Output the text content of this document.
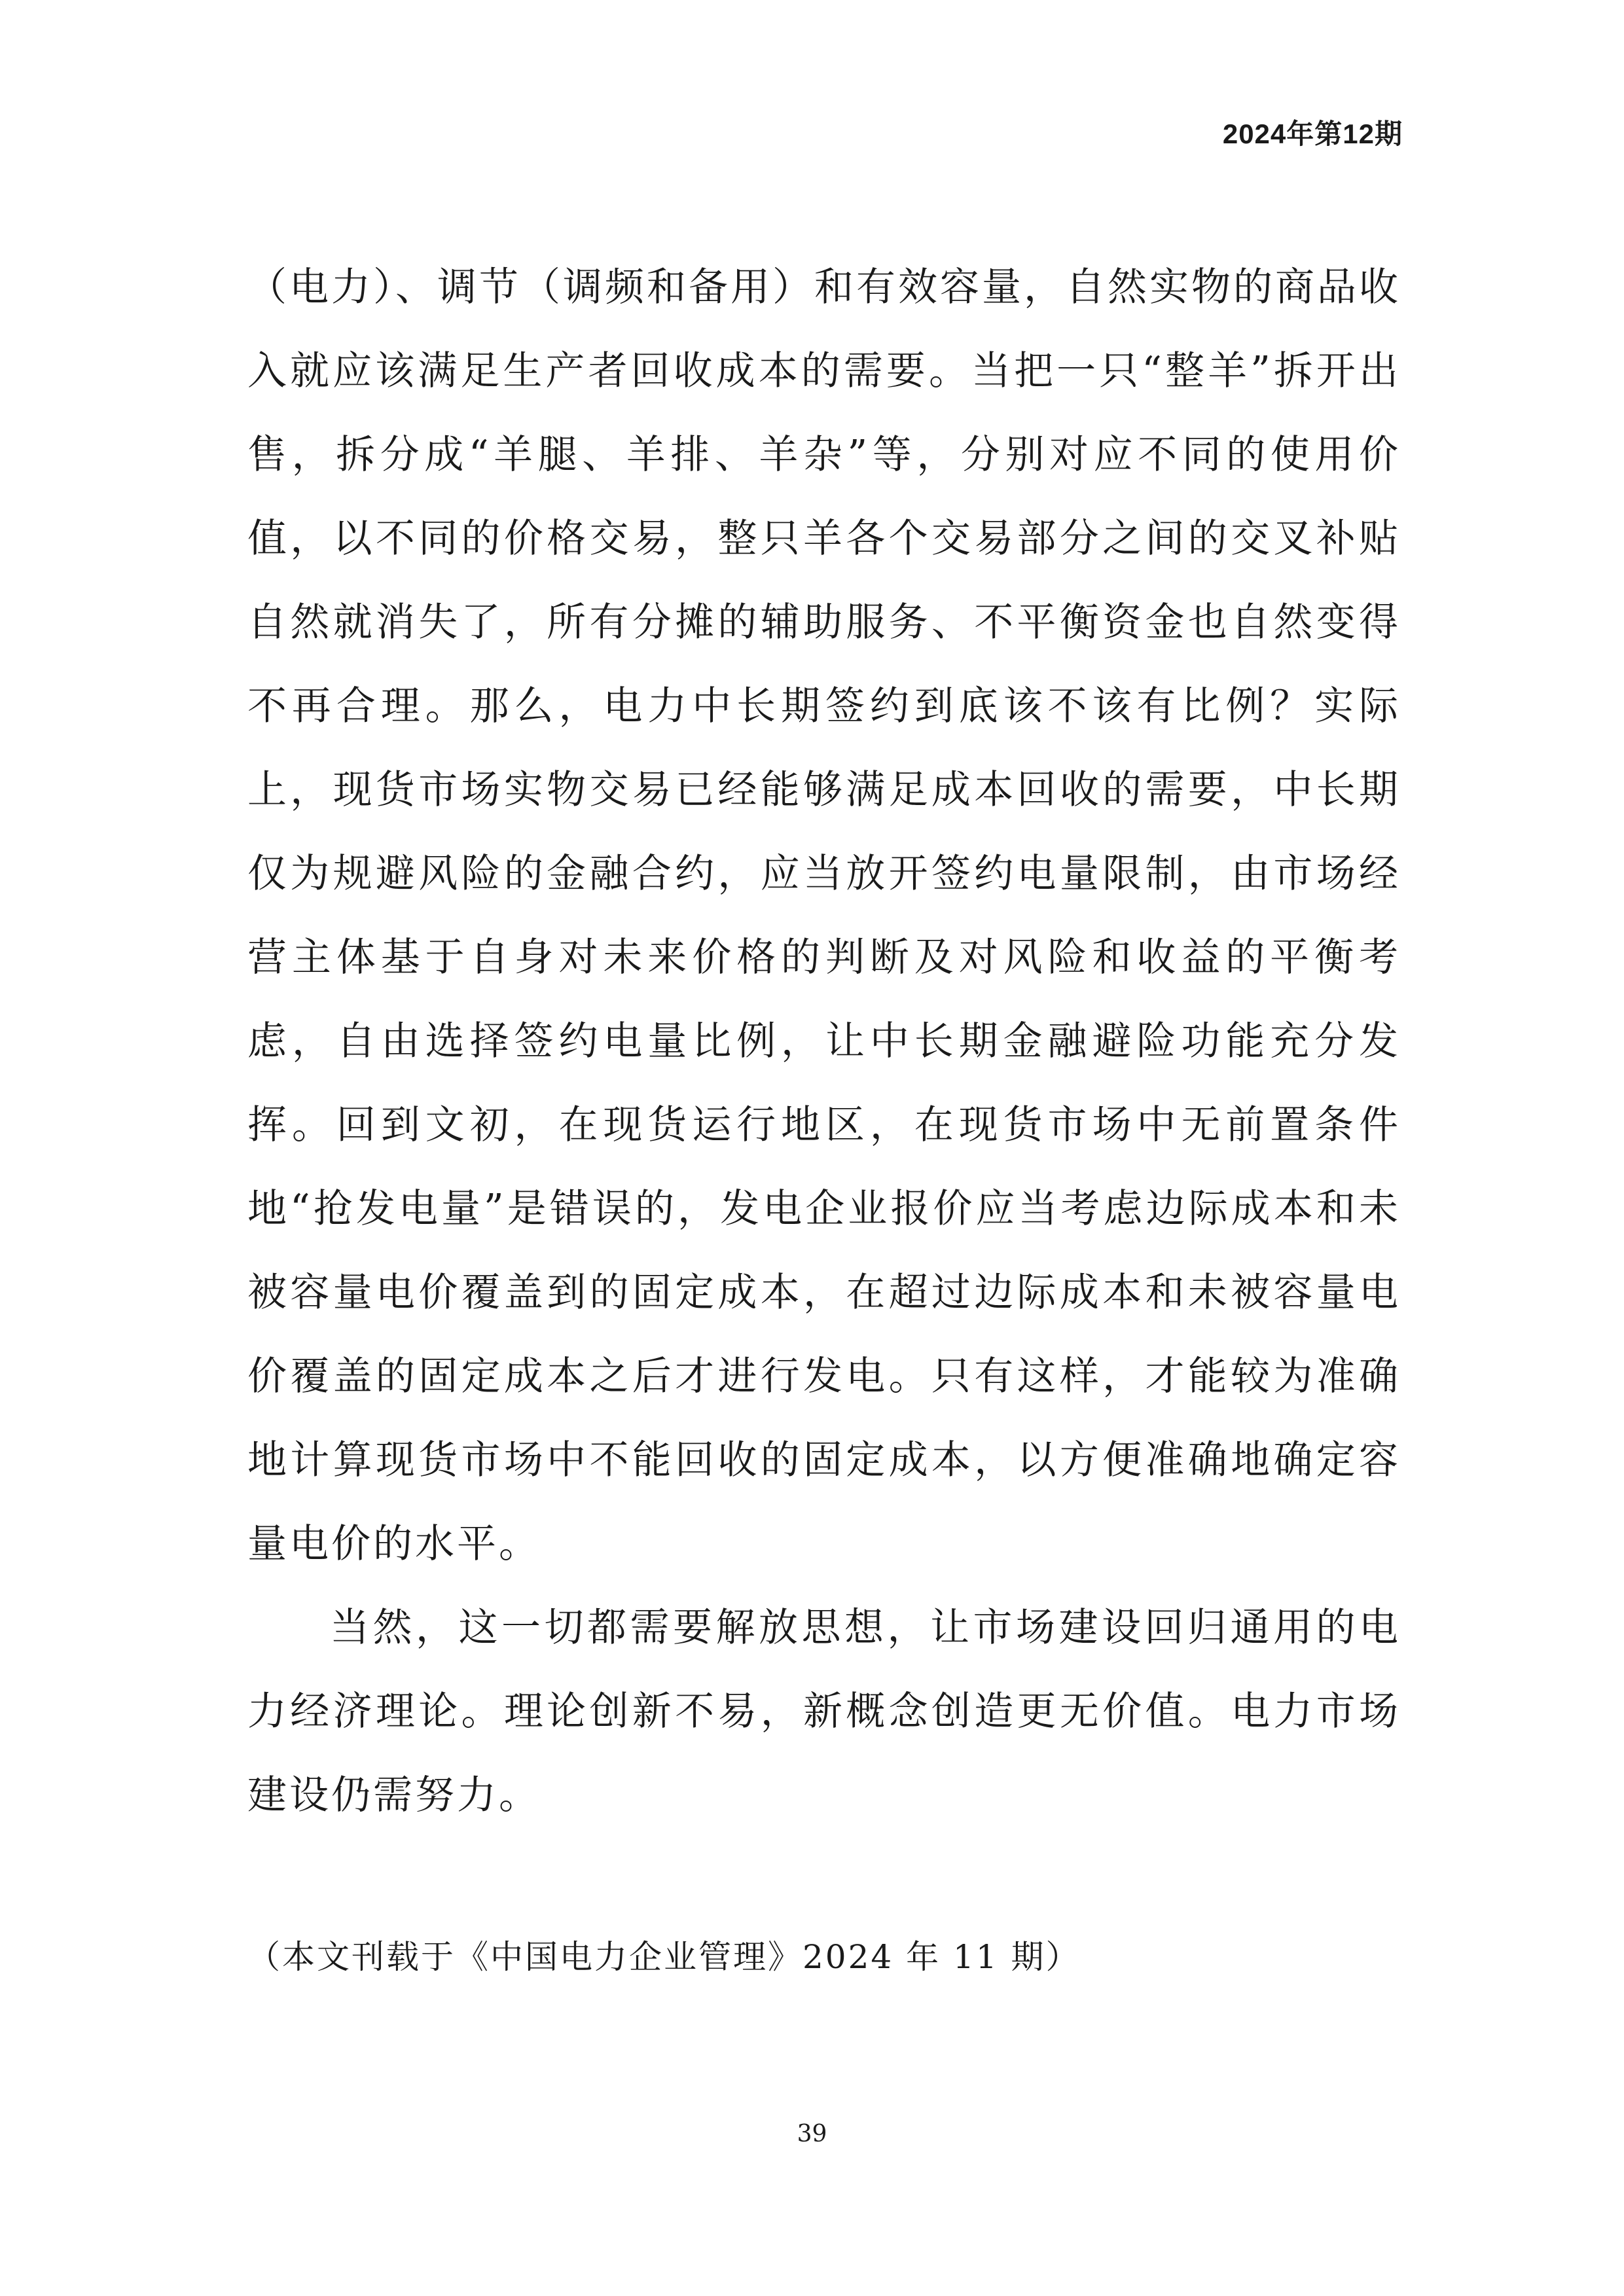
2024年第12期

（电力）、调节（调频和备用）和有效容量，自然实物的商品收入就应该满足生产者回收成本的需要。当把一只“整羊”拆开出售，拆分成“羊腿、羊排、羊杂”等，分别对应不同的使用价值，以不同的价格交易，整只羊各个交易部分之间的交叉补贴自然就消失了，所有分摊的辅助服务、不平衡资金也自然变得不再合理。那么，电力中长期签约到底该不该有比例？实际上，现货市场实物交易已经能够满足成本回收的需要，中长期仅为规避风险的金融合约，应当放开签约电量限制，由市场经营主体基于自身对未来价格的判断及对风险和收益的平衡考虑，自由选择签约电量比例，让中长期金融避险功能充分发挥。回到文初，在现货运行地区，在现货市场中无前置条件地“抢发电量”是错误的，发电企业报价应当考虑边际成本和未被容量电价覆盖到的固定成本，在超过边际成本和未被容量电价覆盖的固定成本之后才进行发电。只有这样，才能较为准确地计算现货市场中不能回收的固定成本，以方便准确地确定容量电价的水平。

当然，这一切都需要解放思想，让市场建设回归通用的电力经济理论。理论创新不易，新概念创造更无价值。电力市场建设仍需努力。

（本文刊载于《中国电力企业管理》2024 年 11 期）
39
